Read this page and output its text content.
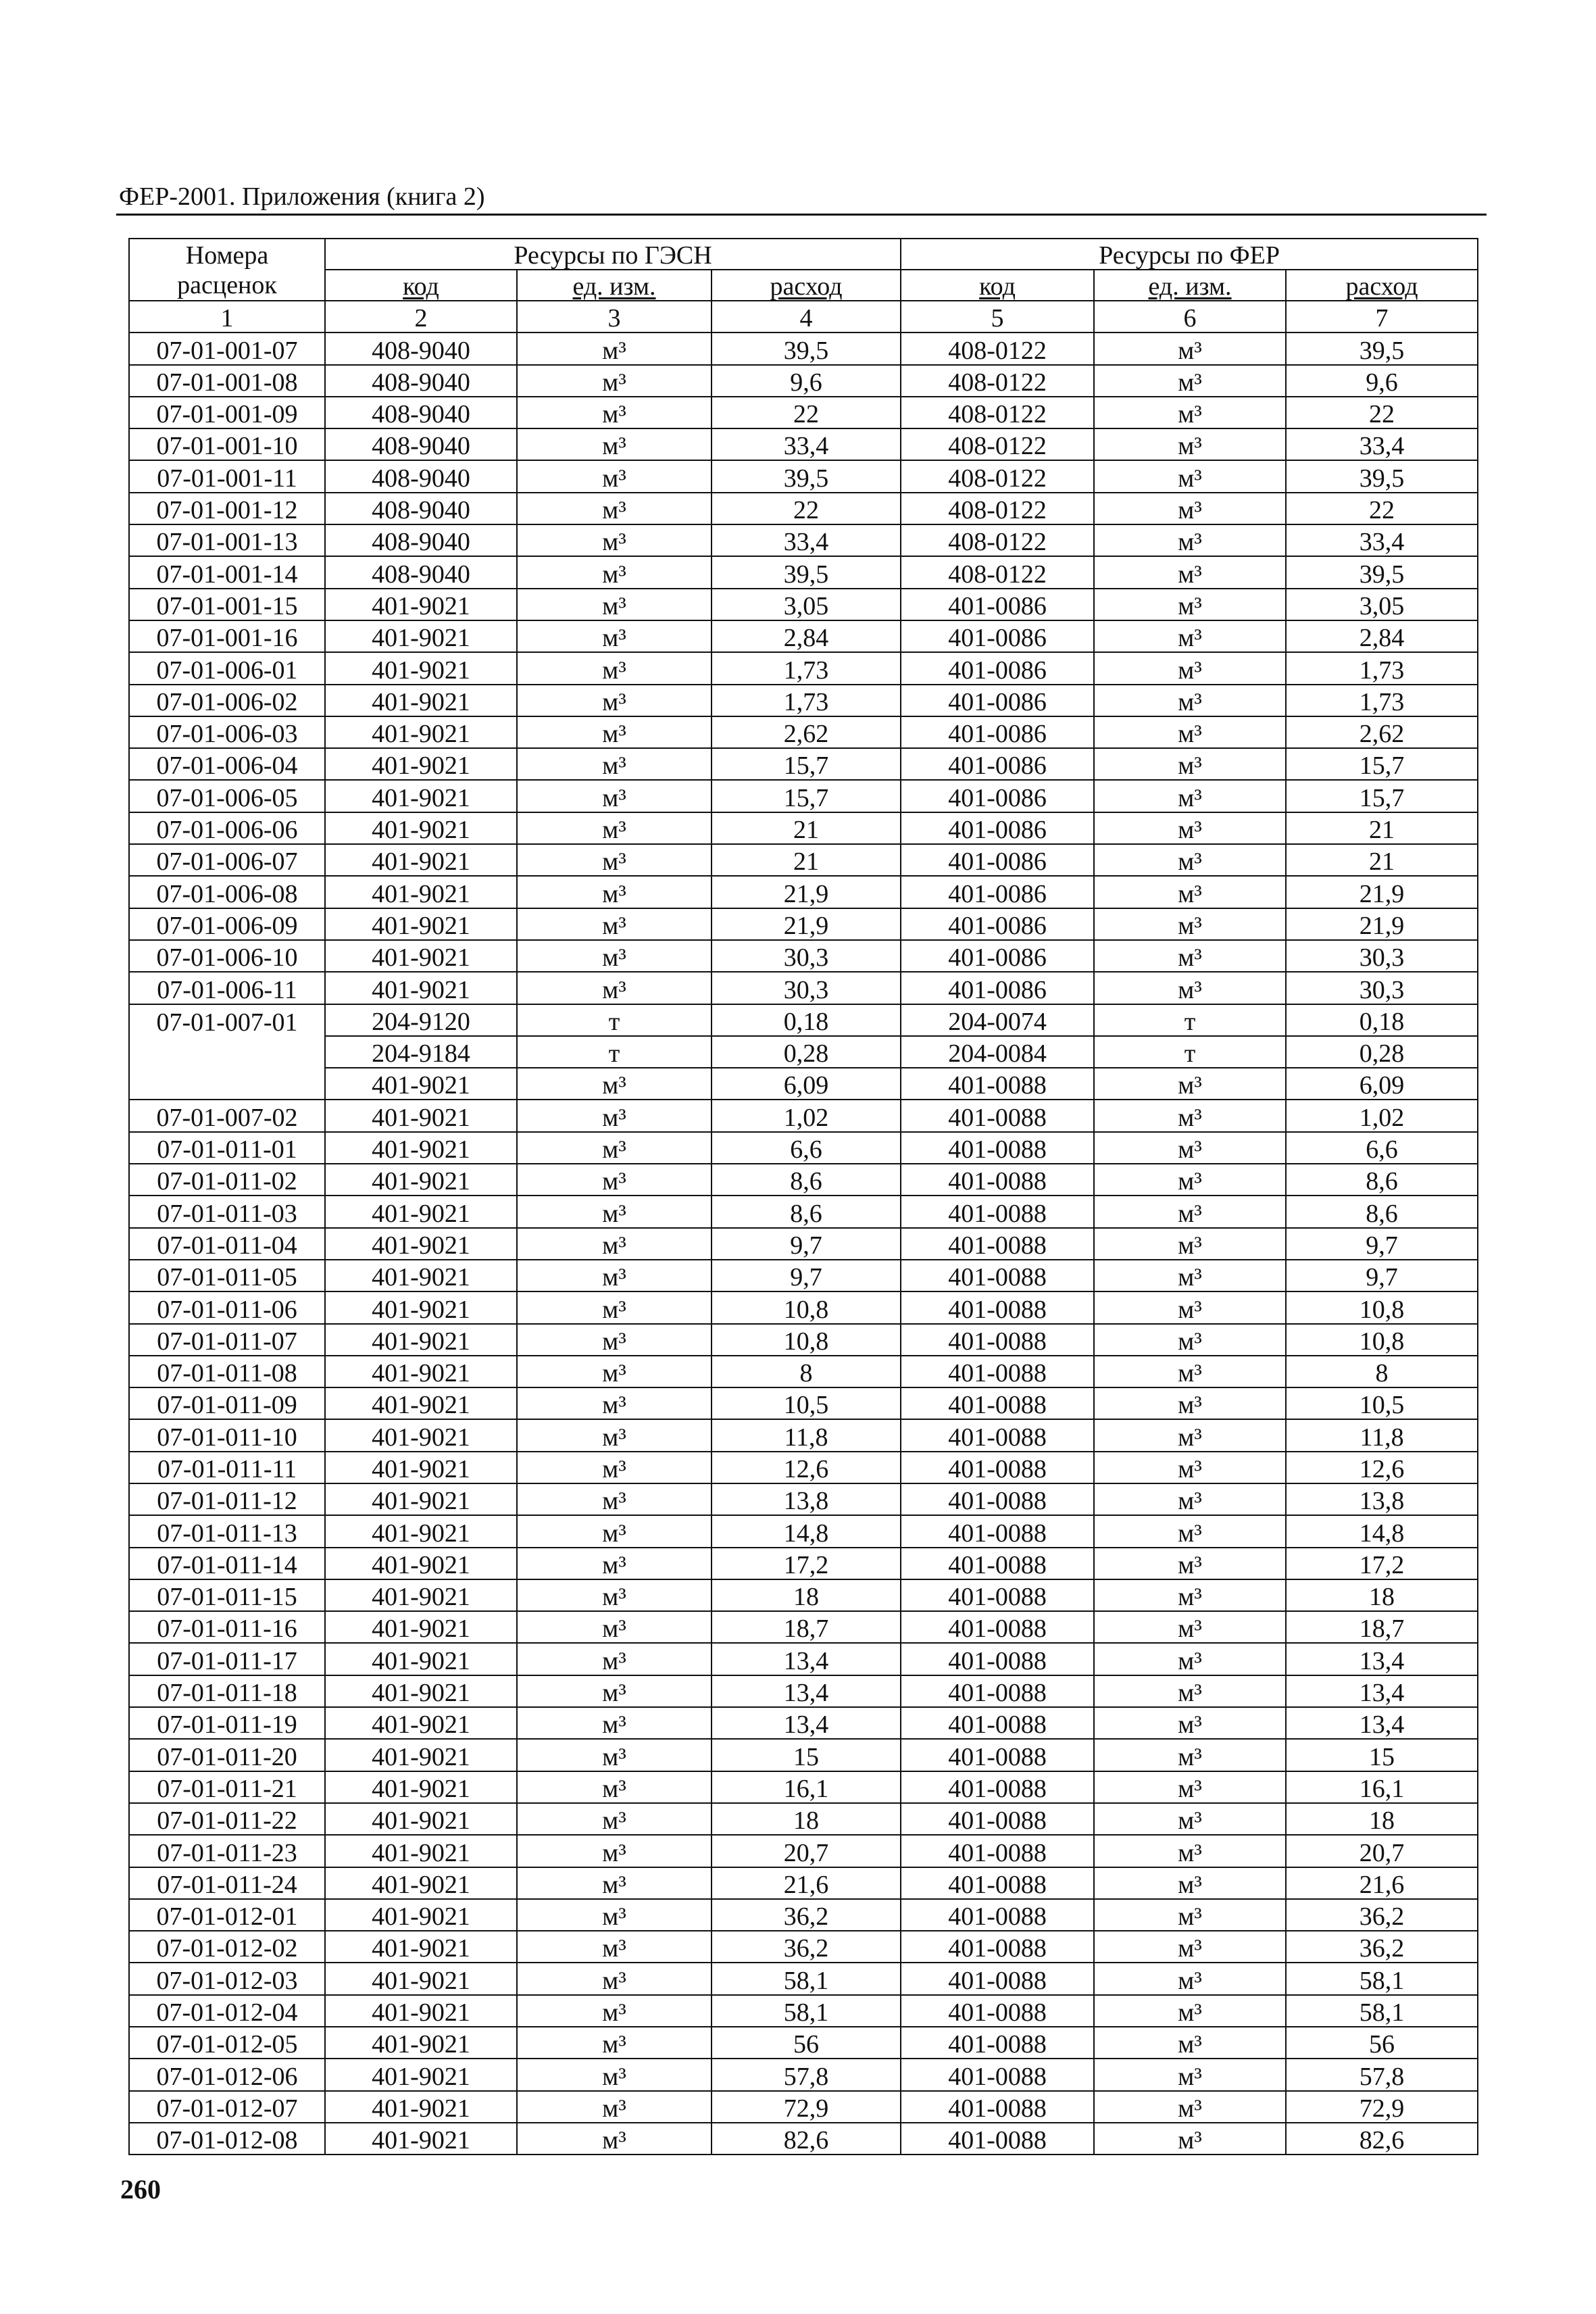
ФЕР-2001. Приложения (книга 2)
Номера расценок	Ресурсы по ГЭСН			Ресурсы по ФЕР		
	код	ед. изм.	расход	код	ед. изм.	расход
1	2	3	4	5	6	7
07-01-001-07	408-9040	м³	39,5	408-0122	м³	39,5
07-01-001-08	408-9040	м³	9,6	408-0122	м³	9,6
07-01-001-09	408-9040	м³	22	408-0122	м³	22
07-01-001-10	408-9040	м³	33,4	408-0122	м³	33,4
07-01-001-11	408-9040	м³	39,5	408-0122	м³	39,5
07-01-001-12	408-9040	м³	22	408-0122	м³	22
07-01-001-13	408-9040	м³	33,4	408-0122	м³	33,4
07-01-001-14	408-9040	м³	39,5	408-0122	м³	39,5
07-01-001-15	401-9021	м³	3,05	401-0086	м³	3,05
07-01-001-16	401-9021	м³	2,84	401-0086	м³	2,84
07-01-006-01	401-9021	м³	1,73	401-0086	м³	1,73
07-01-006-02	401-9021	м³	1,73	401-0086	м³	1,73
07-01-006-03	401-9021	м³	2,62	401-0086	м³	2,62
07-01-006-04	401-9021	м³	15,7	401-0086	м³	15,7
07-01-006-05	401-9021	м³	15,7	401-0086	м³	15,7
07-01-006-06	401-9021	м³	21	401-0086	м³	21
07-01-006-07	401-9021	м³	21	401-0086	м³	21
07-01-006-08	401-9021	м³	21,9	401-0086	м³	21,9
07-01-006-09	401-9021	м³	21,9	401-0086	м³	21,9
07-01-006-10	401-9021	м³	30,3	401-0086	м³	30,3
07-01-006-11	401-9021	м³	30,3	401-0086	м³	30,3
07-01-007-01	204-9120	т	0,18	204-0074	т	0,18
	204-9184	т	0,28	204-0084	т	0,28
	401-9021	м³	6,09	401-0088	м³	6,09
07-01-007-02	401-9021	м³	1,02	401-0088	м³	1,02
07-01-011-01	401-9021	м³	6,6	401-0088	м³	6,6
07-01-011-02	401-9021	м³	8,6	401-0088	м³	8,6
07-01-011-03	401-9021	м³	8,6	401-0088	м³	8,6
07-01-011-04	401-9021	м³	9,7	401-0088	м³	9,7
07-01-011-05	401-9021	м³	9,7	401-0088	м³	9,7
07-01-011-06	401-9021	м³	10,8	401-0088	м³	10,8
07-01-011-07	401-9021	м³	10,8	401-0088	м³	10,8
07-01-011-08	401-9021	м³	8	401-0088	м³	8
07-01-011-09	401-9021	м³	10,5	401-0088	м³	10,5
07-01-011-10	401-9021	м³	11,8	401-0088	м³	11,8
07-01-011-11	401-9021	м³	12,6	401-0088	м³	12,6
07-01-011-12	401-9021	м³	13,8	401-0088	м³	13,8
07-01-011-13	401-9021	м³	14,8	401-0088	м³	14,8
07-01-011-14	401-9021	м³	17,2	401-0088	м³	17,2
07-01-011-15	401-9021	м³	18	401-0088	м³	18
07-01-011-16	401-9021	м³	18,7	401-0088	м³	18,7
07-01-011-17	401-9021	м³	13,4	401-0088	м³	13,4
07-01-011-18	401-9021	м³	13,4	401-0088	м³	13,4
07-01-011-19	401-9021	м³	13,4	401-0088	м³	13,4
07-01-011-20	401-9021	м³	15	401-0088	м³	15
07-01-011-21	401-9021	м³	16,1	401-0088	м³	16,1
07-01-011-22	401-9021	м³	18	401-0088	м³	18
07-01-011-23	401-9021	м³	20,7	401-0088	м³	20,7
07-01-011-24	401-9021	м³	21,6	401-0088	м³	21,6
07-01-012-01	401-9021	м³	36,2	401-0088	м³	36,2
07-01-012-02	401-9021	м³	36,2	401-0088	м³	36,2
07-01-012-03	401-9021	м³	58,1	401-0088	м³	58,1
07-01-012-04	401-9021	м³	58,1	401-0088	м³	58,1
07-01-012-05	401-9021	м³	56	401-0088	м³	56
07-01-012-06	401-9021	м³	57,8	401-0088	м³	57,8
07-01-012-07	401-9021	м³	72,9	401-0088	м³	72,9
07-01-012-08	401-9021	м³	82,6	401-0088	м³	82,6
260
